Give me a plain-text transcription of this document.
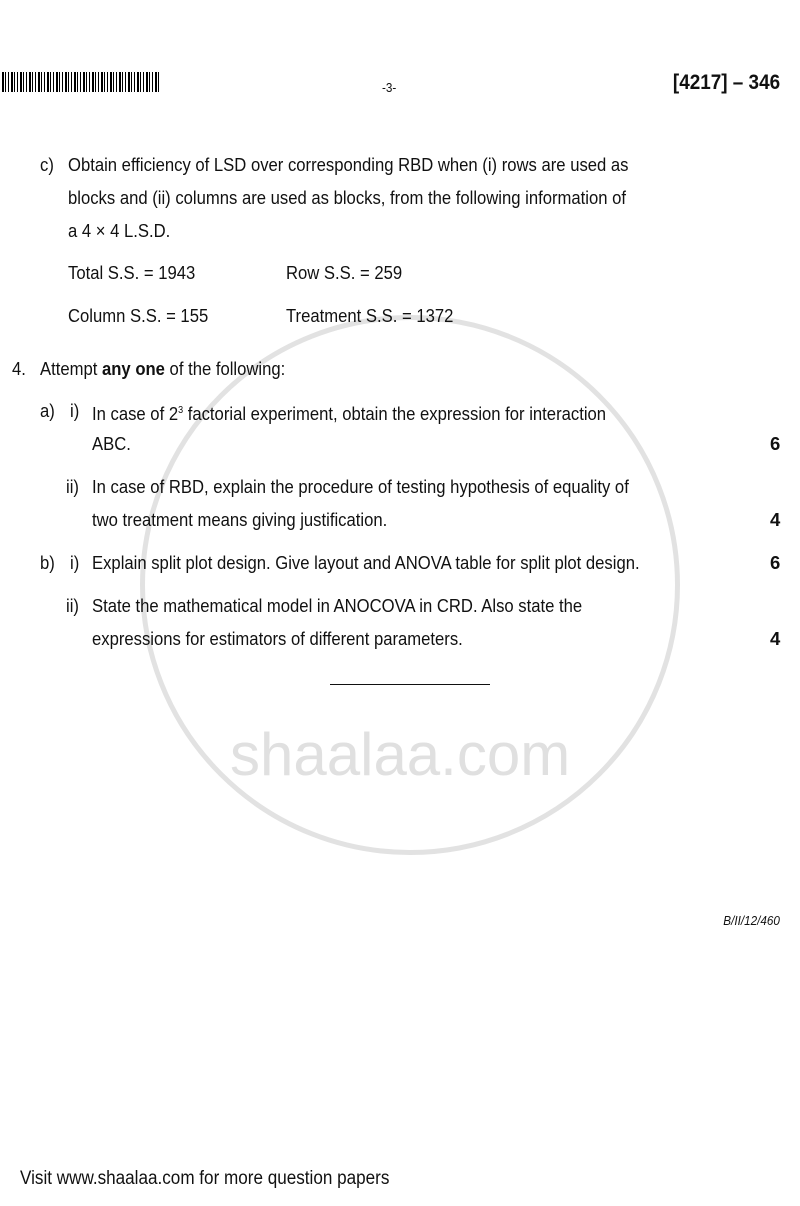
shaalaa.com
-3-	[4217] – 346
c) Obtain efficiency of LSD over corresponding RBD when (i) rows are used as
blocks and (ii) columns are used as blocks, from the following information of
a 4 × 4 L.S.D.
Total S.S. = 1943	Row S.S. = 259
Column S.S. = 155	Treatment S.S. = 1372
4. Attempt any one of the following:
a) i) In case of $2^3$ factorial experiment, obtain the expression for interaction
ABC.	6
ii) In case of RBD, explain the procedure of testing hypothesis of equality of
two treatment means giving justification.	4
b) i) Explain split plot design. Give layout and ANOVA table for split plot design.	6
ii) State the mathematical model in ANOCOVA in CRD. Also state the
expressions for estimators of different parameters.	4
B/II/12/460
Visit www.shaalaa.com for more question papers
